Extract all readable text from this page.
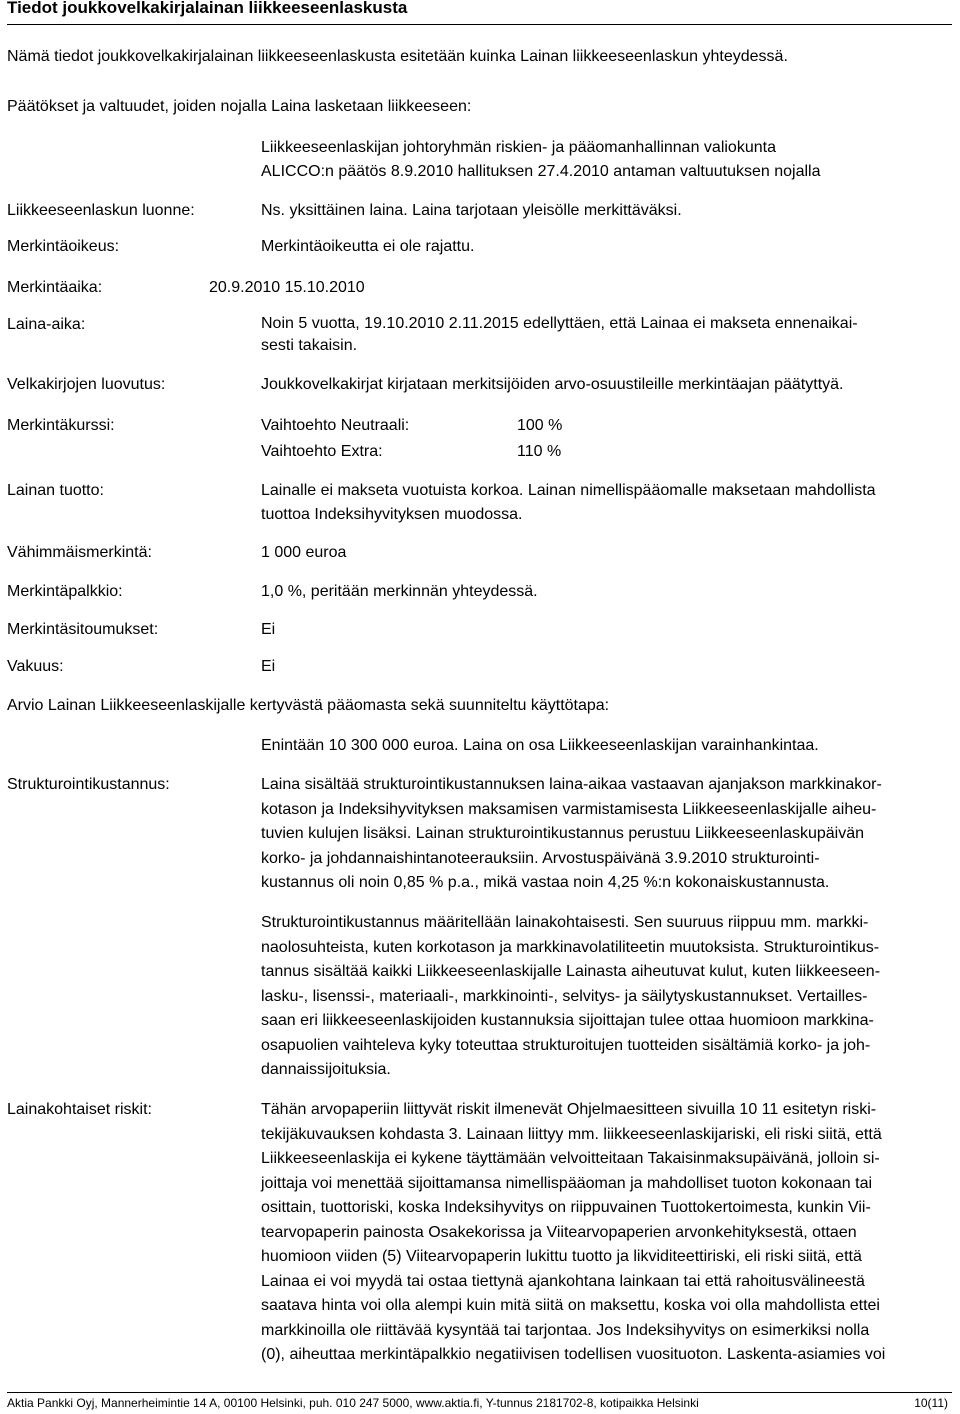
Tiedot joukkovelkakirjalainan liikkeeseenlaskusta
Nämä tiedot joukkovelkakirjalainan liikkeeseenlaskusta esitetään kuinka Lainan liikkeeseenlaskun yhteydessä.
Päätökset ja valtuudet, joiden nojalla Laina lasketaan liikkeeseen:
Liikkeeseenlaskijan johtoryhmän riskien- ja pääomanhallinnan valiokunta
ALICCO:n päätös 8.9.2010 hallituksen 27.4.2010 antaman valtuutuksen nojalla
Liikkeeseenlaskun luonne:	Ns. yksittäinen laina. Laina tarjotaan yleisölle merkittäväksi.
Merkintäoikeus:	Merkintäoikeutta ei ole rajattu.
Merkintäaika:	20.9.2010 15.10.2010
Laina-aika:	Noin 5 vuotta, 19.10.2010 2.11.2015 edellyttäen, että Lainaa ei makseta ennenaikai-
sesti takaisin.
Velkakirjojen luovutus:	Joukkovelkakirjat kirjataan merkitsijöiden arvo-osuustileille merkintäajan päätyttyä.
Merkintäkurssi:	Vaihtoehto Neutraali:	100 %
Vaihtoehto Extra:	110 %
Lainan tuotto:	Lainalle ei makseta vuotuista korkoa. Lainan nimellispääomalle maksetaan mahdollista
tuottoa Indeksihyvityksen muodossa.
Vähimmäismerkintä:	1 000 euroa
Merkintäpalkkio:	1,0 %, peritään merkinnän yhteydessä.
Merkintäsitoumukset:	Ei
Vakuus:	Ei
Arvio Lainan Liikkeeseenlaskijalle kertyvästä pääomasta sekä suunniteltu käyttötapa:
Enintään 10 300 000 euroa. Laina on osa Liikkeeseenlaskijan varainhankintaa.
Strukturointikustannus:	Laina sisältää strukturointikustannuksen laina-aikaa vastaavan ajanjakson markkinakor-
kotason ja Indeksihyvityksen maksamisen varmistamisesta Liikkeeseenlaskijalle aiheu-
tuvien kulujen lisäksi. Lainan strukturointikustannus perustuu Liikkeeseenlaskupäivän
korko- ja johdannaishintanoteerauksiin. Arvostuspäivänä 3.9.2010 strukturointi-
kustannus oli noin 0,85 % p.a., mikä vastaa noin 4,25 %:n kokonaiskustannusta.
Strukturointikustannus määritellään lainakohtaisesti. Sen suuruus riippuu mm. markki-
naolosuhteista, kuten korkotason ja markkinavolatiliteetin muutoksista. Strukturointikus-
tannus sisältää kaikki Liikkeeseenlaskijalle Lainasta aiheutuvat kulut, kuten liikkeeseen-
lasku-, lisenssi-, materiaali-, markkinointi-, selvitys- ja säilytyskustannukset. Vertailles-
saan eri liikkeeseenlaskijoiden kustannuksia sijoittajan tulee ottaa huomioon markkina-
osapuolien vaihteleva kyky toteuttaa strukturoitujen tuotteiden sisältämiä korko- ja joh-
dannaissijoituksia.
Lainakohtaiset riskit:	Tähän arvopaperiin liittyvät riskit ilmenevät Ohjelmaesitteen sivuilla 10 11 esitetyn riski-
tekijäkuvauksen kohdasta 3. Lainaan liittyy mm. liikkeeseenlaskijariski, eli riski siitä, että
Liikkeeseenlaskija ei kykene täyttämään velvoitteitaan Takaisinmaksupäivänä, jolloin si-
joittaja voi menettää sijoittamansa nimellispääoman ja mahdolliset tuoton kokonaan tai
osittain, tuottoriski, koska Indeksihyvitys on riippuvainen Tuottokertoimesta, kunkin Vii-
tearvopaperin painosta Osakekorissa ja Viitearvopaperien arvonkehityksestä, ottaen
huomioon viiden (5) Viitearvopaperin lukittu tuotto ja likviditeettiriski, eli riski siitä, että
Lainaa ei voi myydä tai ostaa tiettynä ajankohtana lainkaan tai että rahoitusvälineestä
saatava hinta voi olla alempi kuin mitä siitä on maksettu, koska voi olla mahdollista ettei
markkinoilla ole riittävää kysyntää tai tarjontaa. Jos Indeksihyvitys on esimerkiksi nolla
(0), aiheuttaa merkintäpalkkio negatiivisen todellisen vuosituoton. Laskenta-asiamies voi
Aktia Pankki Oyj, Mannerheimintie 14 A, 00100 Helsinki, puh. 010 247 5000, www.aktia.fi, Y-tunnus 2181702-8, kotipaikka Helsinki	10(11)
